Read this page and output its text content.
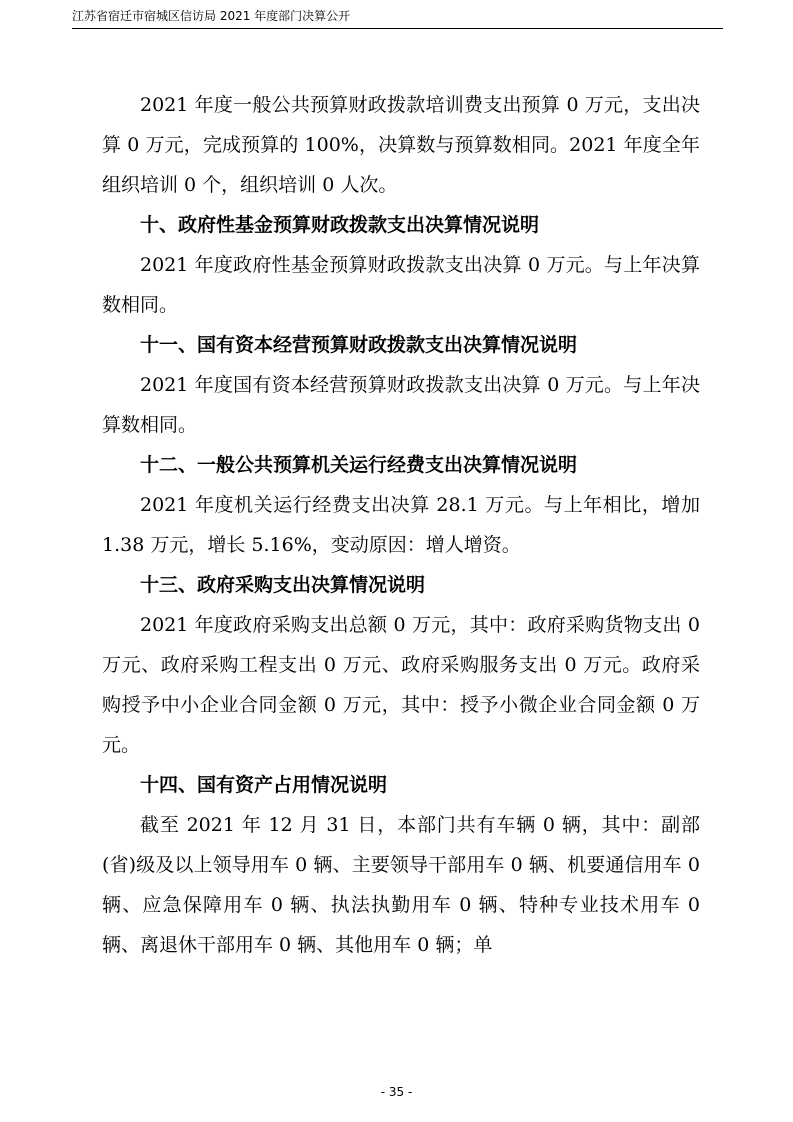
江苏省宿迁市宿城区信访局 2021 年度部门决算公开

2021 年度一般公共预算财政拨款培训费支出预算 0 万元，支出决算 0 万元，完成预算的 100%，决算数与预算数相同。2021 年度全年组织培训 0 个，组织培训 0 人次。

十、政府性基金预算财政拨款支出决算情况说明

2021 年度政府性基金预算财政拨款支出决算 0 万元。与上年决算数相同。

十一、国有资本经营预算财政拨款支出决算情况说明

2021 年度国有资本经营预算财政拨款支出决算 0 万元。与上年决算数相同。

十二、一般公共预算机关运行经费支出决算情况说明

2021 年度机关运行经费支出决算 28.1 万元。与上年相比，增加 1.38 万元，增长 5.16%，变动原因：增人增资。

十三、政府采购支出决算情况说明

2021 年度政府采购支出总额 0 万元，其中：政府采购货物支出 0 万元、政府采购工程支出 0 万元、政府采购服务支出 0 万元。政府采购授予中小企业合同金额 0 万元，其中：授予小微企业合同金额 0 万元。

十四、国有资产占用情况说明

截至 2021 年 12 月 31 日，本部门共有车辆 0 辆，其中：副部(省)级及以上领导用车 0 辆、主要领导干部用车 0 辆、机要通信用车 0 辆、应急保障用车 0 辆、执法执勤用车 0 辆、特种专业技术用车 0 辆、离退休干部用车 0 辆、其他用车 0 辆；单

- 35 -
